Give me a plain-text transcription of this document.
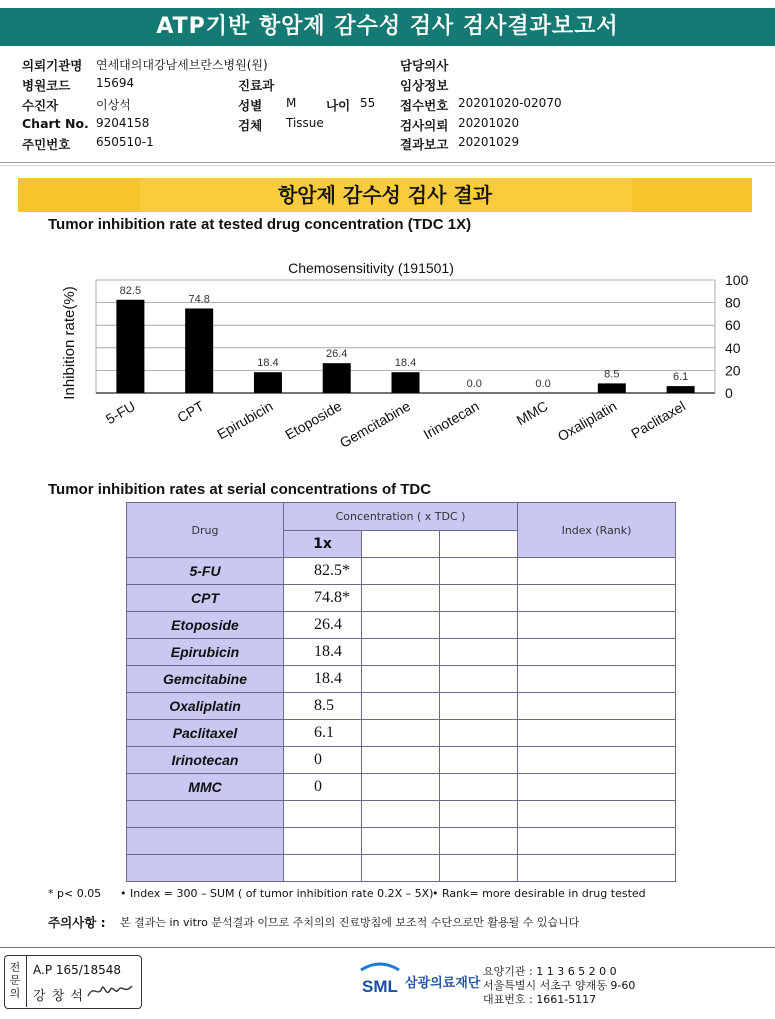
ATP기반 항암제 감수성 검사 검사결과보고서
의뢰기관명 연세대의대강남세브란스병원(원)
병원코드 15694
수진자	이상석
Chart No. 9204158
주민번호 650510-1
진료과
성별 M 나이 55
검체 Tissue
담당의사
임상정보
접수번호 20201020-02070
검사의뢰 20201020
결과보고 20201029
항암제 감수성 검사 결과
Tumor inhibition rate at tested drug concentration (TDC 1X)
Chemosensitivity (191501)
Inhibition rate(%)	82.5
74.8
18.4
26.4
18.4
0.0	0.0
8.5	6.1
0
20
40
60
80
100
5-FU	CPT Epirubicin Etoposide
Gemcitabine Irinotecan MMC Oxaliplatin Paclitaxel
Tumor inhibition rates at serial concentrations of TDC
Drug	Concentration ( x TDC )			Index (Rank)
	1x			
5-FU	82.5*			
CPT	74.8*			
Etoposide	26.4			
Epirubicin	18.4			
Gemcitabine	18.4			
Oxaliplatin	8.5			
Paclitaxel	6.1			
Irinotecan	0			
MMC	0			

* p< 0.05 • Index = 300 – SUM ( of tumor inhibition rate 0.2X – 5X)
• Rank= more desirable in drug tested
주의사항 : 본 결과는 in vitro 분석결과 이므로 주치의의 진료방침에 보조적 수단으로만 활용될 수 있습니다
전문의
A.P 165/18548
강 창 석
SML 삼광의료재단
요양기관 : 1 1 3 6 5 2 0 0
서울특별시 서초구 양재동 9-60
대표번호 : 1661-5117
